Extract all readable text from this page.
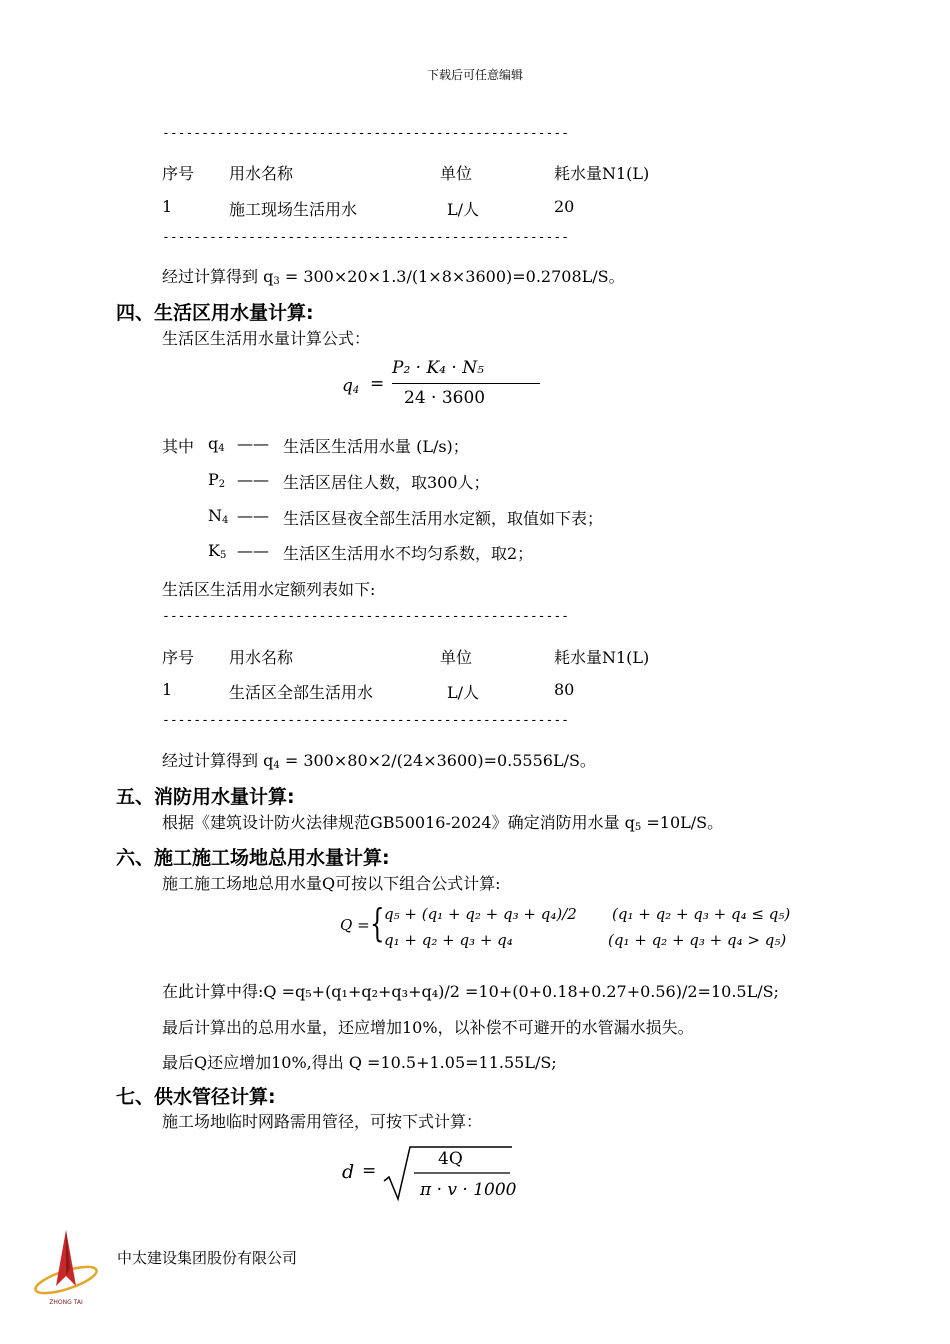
下载后可任意编辑
----------------------------------------------------
序号 用水名称	单位	耗水量N1(L)
1	施工现场生活用水	L/人	20
----------------------------------------------------
经过计算得到 $q_3 = 300\times 20\times 1.3/(1\times 8\times 3600)=0.2708L/S$。
四、生活区用水量计算:
生活区生活用水量计算公式：
$q_4$ =
P₂ · K₄ · N₅
24 · 3600
其中 $q_4$ —— 生活区生活用水量 (L/s)；
$P_2$ —— 生活区居住人数，取300人；
$N_4$ —— 生活区昼夜全部生活用水定额，取值如下表；
$K_5$ —— 生活区生活用水不均匀系数，取2；
生活区生活用水定额列表如下:
----------------------------------------------------
序号 用水名称	单位	耗水量N1(L)
1	生活区全部生活用水	L/人	80
----------------------------------------------------
经过计算得到 $q_4 = 300\times 80\times 2/(24\times 3600)=0.5556L/S$。
五、消防用水量计算:
根据《建筑设计防火法律规范GB50016-2024》确定消防用水量 $q_5 =10L/S$。
六、施工施工场地总用水量计算:
施工施工场地总用水量Q可按以下组合公式计算:
Q = { q₅ + (q₁ + q₂ + q₃ + q₄)/2 (q₁ + q₂ + q₃ + q₄ ≤ q₅)
q₁ + q₂ + q₃ + q₄	(q₁ + q₂ + q₃ + q₄ > q₅)
在此计算中得:Q =q₅+(q₁+q₂+q₃+q₄)/2 =10+(0+0.18+0.27+0.56)/2=10.5L/S;
最后计算出的总用水量，还应增加10%，以补偿不可避开的水管漏水损失。
最后Q还应增加10%,得出 Q =10.5+1.05=11.55L/S;
七、供水管径计算:
施工场地临时网路需用管径，可按下式计算：
d =
4Q
π · v · 1000
ZHONG TAI
中太建设集团股份有限公司
